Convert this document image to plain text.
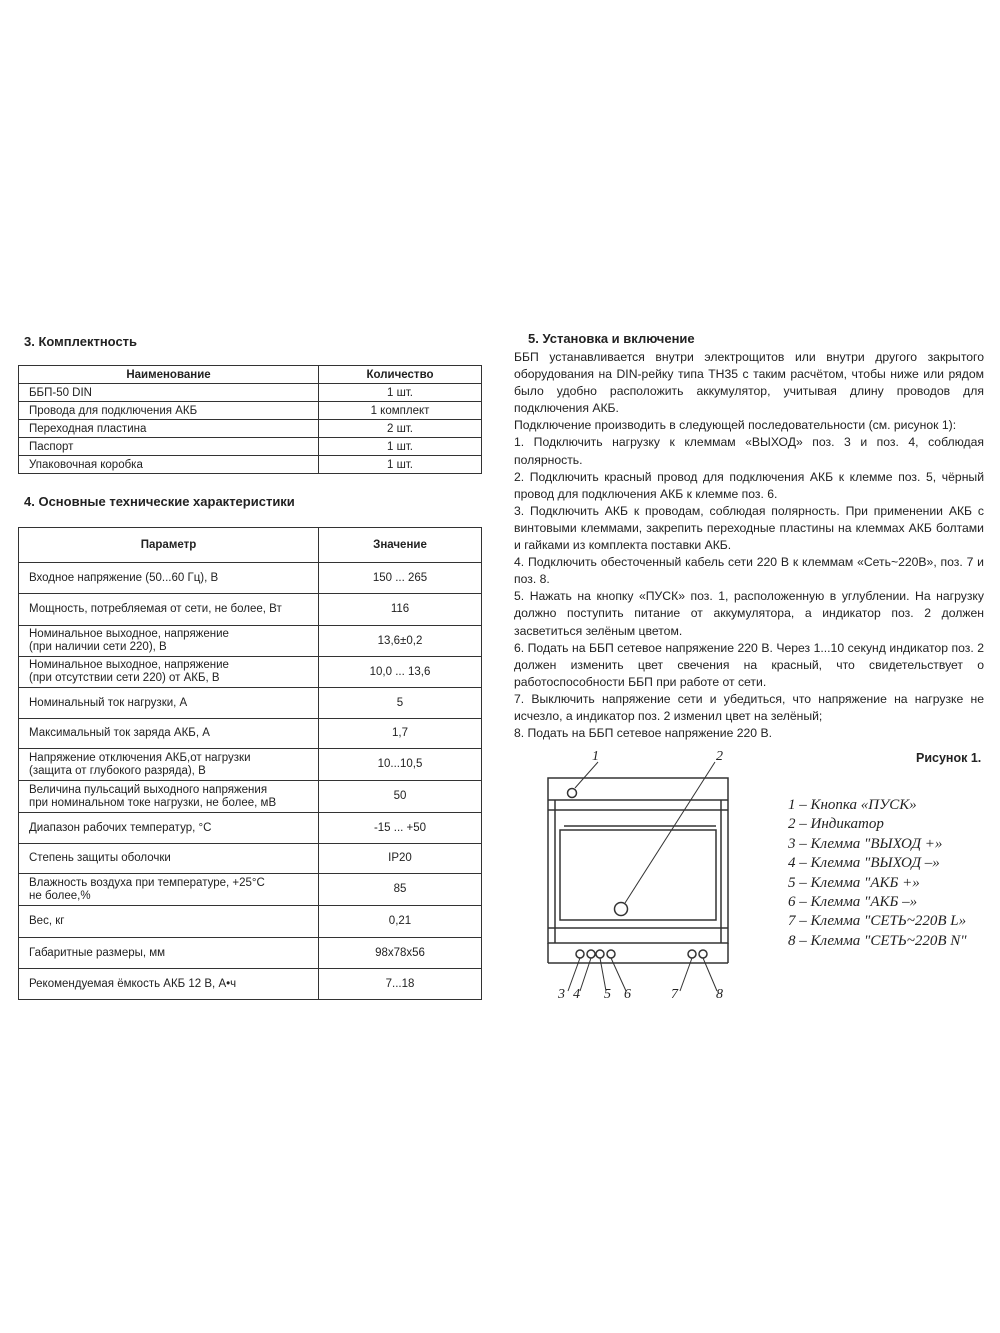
3. Комплектность
Наименование	Количество
ББП-50 DIN	1 шт.
Провода для подключения АКБ	1 комплект
Переходная пластина	2 шт.
Паспорт	1 шт.
Упаковочная коробка	1 шт.
4. Основные технические характеристики
Параметр	Значение
Входное напряжение (50...60 Гц), В	150 ... 265
Мощность, потребляемая от сети, не более, Вт	116
Номинальное выходное, напряжение
(при наличии сети 220), В	13,6±0,2
Номинальное выходное, напряжение
(при отсутствии сети 220) от АКБ, В	10,0 ... 13,6
Номинальный ток нагрузки, А	5
Максимальный ток заряда АКБ, А	1,7
Напряжение отключения АКБ,от нагрузки
(защита от глубокого разряда), В	10...10,5
Величина пульсаций выходного напряжения
при номинальном токе нагрузки, не более, мВ	50
Диапазон рабочих температур, °С	-15 ... +50
Степень защиты оболочки	IP20
Влажность воздуха при температуре, +25°С
не более,%	85
Вес, кг	0,21
Габаритные размеры, мм	98х78х56
Рекомендуемая ёмкость АКБ 12 В, А•ч	7...18
5. Установка и включение

ББП устанавливается внутри электрощитов или внутри другого закрытого оборудования на DIN-рейку типа ТН35 с таким расчётом, чтобы ниже или рядом было удобно расположить аккумулятор, учитывая длину проводов для подключения АКБ.

Подключение производить в следующей последовательности (см. рисунок 1):

1. Подключить нагрузку к клеммам «ВЫХОД» поз. 3 и поз. 4, соблюдая полярность.

2. Подключить красный провод для подключения АКБ к клемме поз. 5, чёрный провод для подключения АКБ к клемме поз. 6.

3. Подключить АКБ к проводам, соблюдая полярность. При применении АКБ с винтовыми клеммами, закрепить переходные пластины на клеммах АКБ болтами и гайками из комплекта поставки АКБ.

4. Подключить обесточенный кабель сети 220 В к клеммам «Сеть~220В», поз. 7 и поз. 8.

5. Нажать на кнопку «ПУСК» поз. 1, расположенную в углублении. На нагрузку должно поступить питание от аккумулятора, а индикатор поз. 2 должен засветиться зелёным цветом.

6. Подать на ББП сетевое напряжение 220 В. Через 1...10 секунд индикатор поз. 2 должен изменить цвет свечения на красный, что свидетельствует о работоспособности ББП при работе от сети.

7. Выключить напряжение сети и убедиться, что напряжение на нагрузке не исчезло, а индикатор поз. 2 изменил цвет на зелёный;

8. Подать на ББП сетевое напряжение 220 В.

Рисунок 1.
1	2
3 4 5 6	7	8
1 – Кнопка «ПУСК»
2 – Индикатор
3 – Клемма "ВЫХОД +»
4 – Клемма "ВЫХОД –»
5 – Клемма "АКБ +»
6 – Клемма "АКБ –»
7 – Клемма "СЕТЬ~220В L»
8 – Клемма "СЕТЬ~220В N"
